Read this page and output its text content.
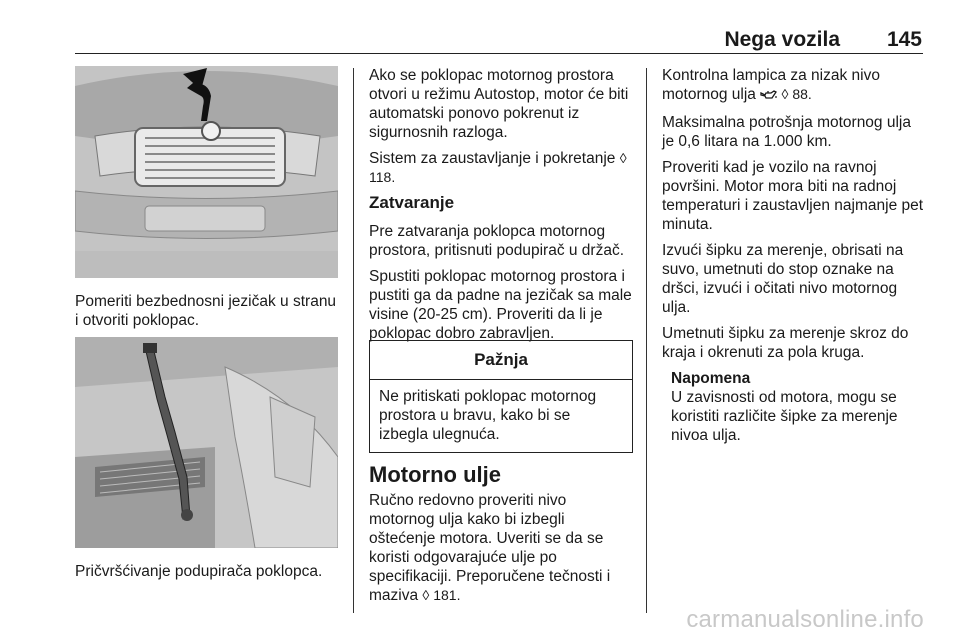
Nega vozila 145
Pomeriti bezbednosni jezičak u stranu i otvoriti poklopac.
Pričvršćivanje podupirača poklopca.

Ako se poklopac motornog prostora otvori u režimu Autostop, motor će biti automatski ponovo pokrenut iz sigurnosnih razloga.

Sistem za zaustavljanje i pokretanje ◊ 118.

Zatvaranje

Pre zatvaranja poklopca motornog prostora, pritisnuti podupirač u držač.

Spustiti poklopac motornog prostora i pustiti ga da padne na jezičak sa male visine (20-25 cm). Proveriti da li je poklopac dobro zabravljen.

Pažnja
Ne pritiskati poklopac motornog prostora u bravu, kako bi se izbegla ulegnuća.
Motorno ulje

Ručno redovno proveriti nivo motornog ulja kako bi izbegli oštećenje motora. Uveriti se da se koristi odgovarajuće ulje po specifikaciji. Preporučene tečnosti i maziva ◊ 181.

Kontrolna lampica za nizak nivo motornog ulja ◊ 88.

Maksimalna potrošnja motornog ulja je 0,6 litara na 1.000 km.

Proveriti kad je vozilo na ravnoj površini. Motor mora biti na radnoj temperaturi i zaustavljen najmanje pet minuta.

Izvući šipku za merenje, obrisati na suvo, umetnuti do stop oznake na dršci, izvući i očitati nivo motornog ulja.

Umetnuti šipku za merenje skroz do kraja i okrenuti za pola kruga.

Napomena
U zavisnosti od motora, mogu se koristiti različite šipke za merenje nivoa ulja.
carmanualsonline.info
